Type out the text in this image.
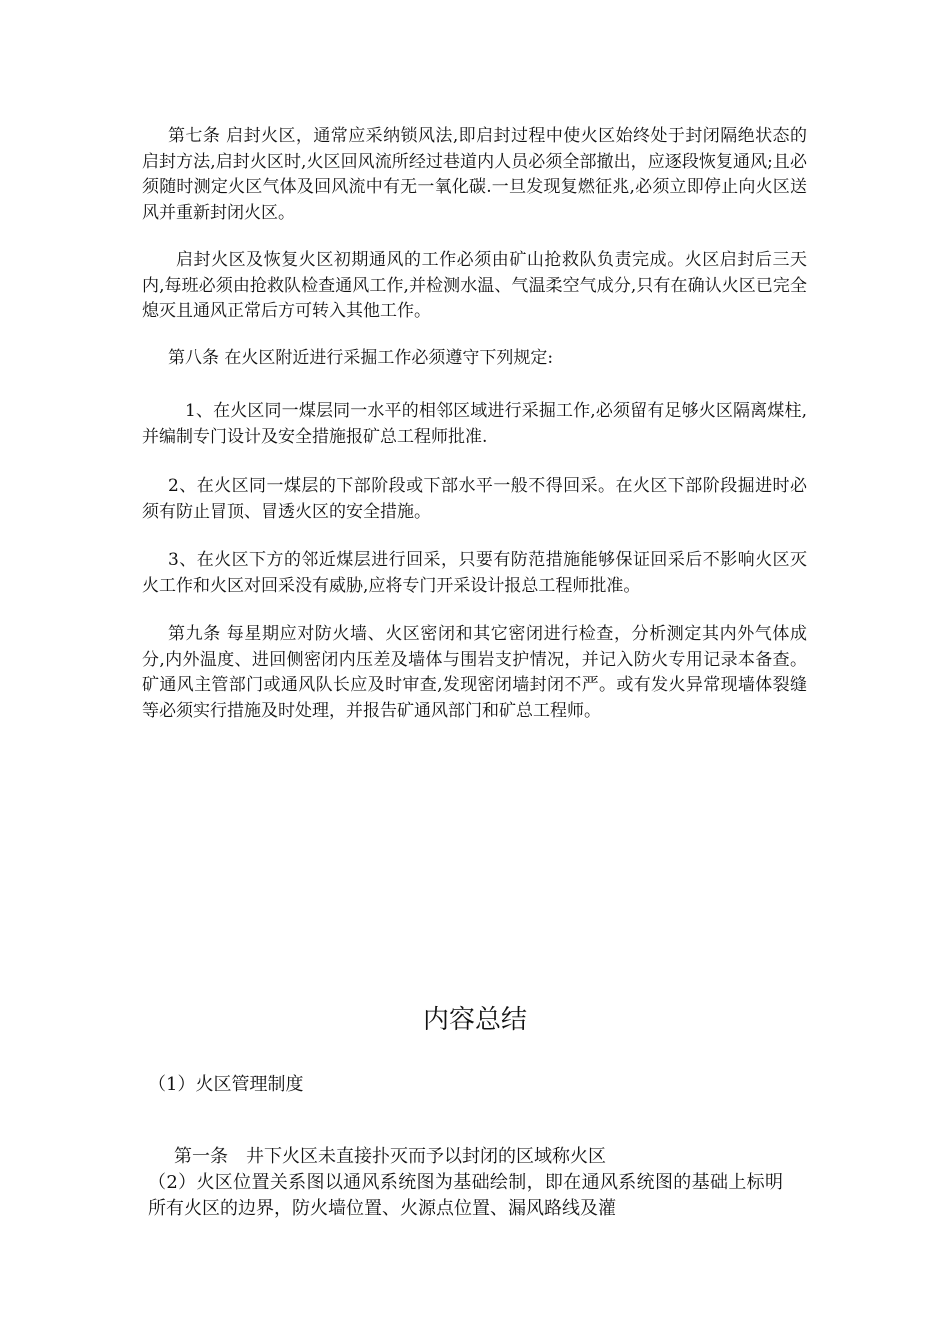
第七条 启封火区，通常应采纳锁风法,即启封过程中使火区始终处于封闭隔绝状态的启封方法,启封火区时,火区回风流所经过巷道内人员必须全部撤出，应逐段恢复通风;且必须随时测定火区气体及回风流中有无一氧化碳.一旦发现复燃征兆,必须立即停止向火区送风并重新封闭火区。

启封火区及恢复火区初期通风的工作必须由矿山抢救队负责完成。火区启封后三天内,每班必须由抢救队检查通风工作,并检测水温、气温柔空气成分,只有在确认火区已完全熄灭且通风正常后方可转入其他工作。

第八条 在火区附近进行采掘工作必须遵守下列规定:

1、在火区同一煤层同一水平的相邻区域进行采掘工作,必须留有足够火区隔离煤柱,并编制专门设计及安全措施报矿总工程师批准.

2、在火区同一煤层的下部阶段或下部水平一般不得回采。在火区下部阶段掘进时必须有防止冒顶、冒透火区的安全措施。

3、在火区下方的邻近煤层进行回采，只要有防范措施能够保证回采后不影响火区灭火工作和火区对回采没有威胁,应将专门开采设计报总工程师批准。

第九条 每星期应对防火墙、火区密闭和其它密闭进行检查，分析测定其内外气体成分,内外温度、进回侧密闭内压差及墙体与围岩支护情况，并记入防火专用记录本备查。矿通风主管部门或通风队长应及时审查,发现密闭墙封闭不严。或有发火异常现墙体裂缝等必须实行措施及时处理，并报告矿通风部门和矿总工程师。

内容总结

（1）火区管理制度

第一条　井下火区未直接扑灭而予以封闭的区域称火区

（2）火区位置关系图以通风系统图为基础绘制，即在通风系统图的基础上标明所有火区的边界，防火墙位置、火源点位置、漏风路线及灌
